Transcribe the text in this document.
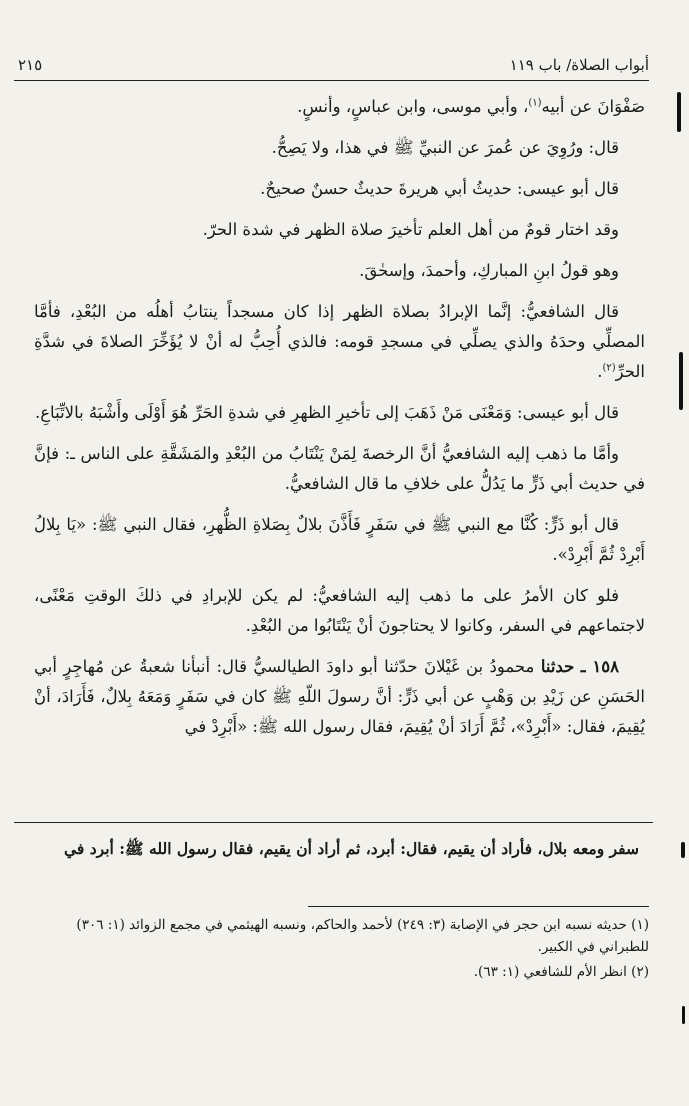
أبواب الصلاة/ باب ١١٩
٢١٥

صَفْوَانَ عن أبيه$^{(١)}$، وأبي موسى، وابن عباسٍ، وأنسٍ.

قال: ورُوِيَ عن عُمرَ عن النبيِّ ﷺ في هذا، ولا يَصِحُّ.

قال أبو عيسى: حديثُ أبي هريرةَ حديثٌ حسنٌ صحيحٌ.

وقد اختار قومٌ من أهل العلم تأخيرَ صلاة الظهر في شدة الحرّ.

وهو قولُ ابنِ المباركِ، وأحمدَ، وإسحٰقَ.

قال الشافعيُّ: إنَّما الإبرادُ بصلاة الظهر إذا كان مسجداً ينتابُ أهلُه من البُعْدِ، فأمَّا المصلِّي وحدَهُ والذي يصلِّي في مسجدِ قومه: فالذي أُحِبُّ له أنْ لا يُؤَخِّرَ الصلاةَ في شدَّةِ الحرِّ$^{(٢)}$.

قال أبو عيسى: وَمَعْنَى مَنْ ذَهَبَ إلى تأخيرِ الظهرِ في شدةِ الحَرِّ هُوَ أَوْلَى وأَشْبَهُ بالاتِّبَاعِ.

وأمَّا ما ذهب إليه الشافعيُّ أنَّ الرخصةَ لِمَنْ يَنْتَابُ من البُعْدِ والمَشَقَّةِ على الناس ـ: فإنَّ في حديث أبي ذَرٍّ ما يَدُلُّ على خلافِ ما قال الشافعيُّ.

قال أبو ذَرٍّ: كُنَّا مع النبي ﷺ في سَفَرٍ فَأَذَّنَ بلالٌ بِصَلاةِ الظُّهرِ، فقال النبي ﷺ: «يَا بِلالُ أَبْرِدْ ثُمَّ أَبْرِدْ».

فلو كان الأمرُ على ما ذهب إليه الشافعيُّ: لم يكن للإبرادِ في ذلكَ الوقتِ مَعْنًى، لاجتماعهم في السفر، وكانوا لا يحتاجونَ أنْ يَنْتَابُوا من البُعْدِ.

١٥٨ ـ حدثنا محمودُ بن غَيْلانَ حدّثنا أبو داودَ الطيالسيُّ قال: أنبأنا شعبةُ عن مُهاجِرٍ أبي الحَسَنِ عن زَيْدِ بن وَهْبٍ عن أبي ذَرٍّ: أنَّ رسولَ اللّهِ ﷺ كان في سَفَرٍ وَمَعَهُ بِلالٌ، فَأَرَادَ، أنْ يُقِيمَ، فقال: «أَبْرِدْ»، ثُمَّ أَرَادَ أنْ يُقِيمَ، فقال رسول الله ﷺ: «أَبْرِدْ في

سفر ومعه بلال، فأراد أن يقيم، فقال: أبرد، ثم أراد أن يقيم، فقال رسول الله ﷺ: أبرد في

(١) حديثه نسبه ابن حجر في الإصابة (٣: ٢٤٩) لأحمد والحاكم، ونسبه الهيثمي في مجمع الزوائد (١: ٣٠٦) للطبراني في الكبير.

(٢) انظر الأم للشافعي (١: ٦٣).
